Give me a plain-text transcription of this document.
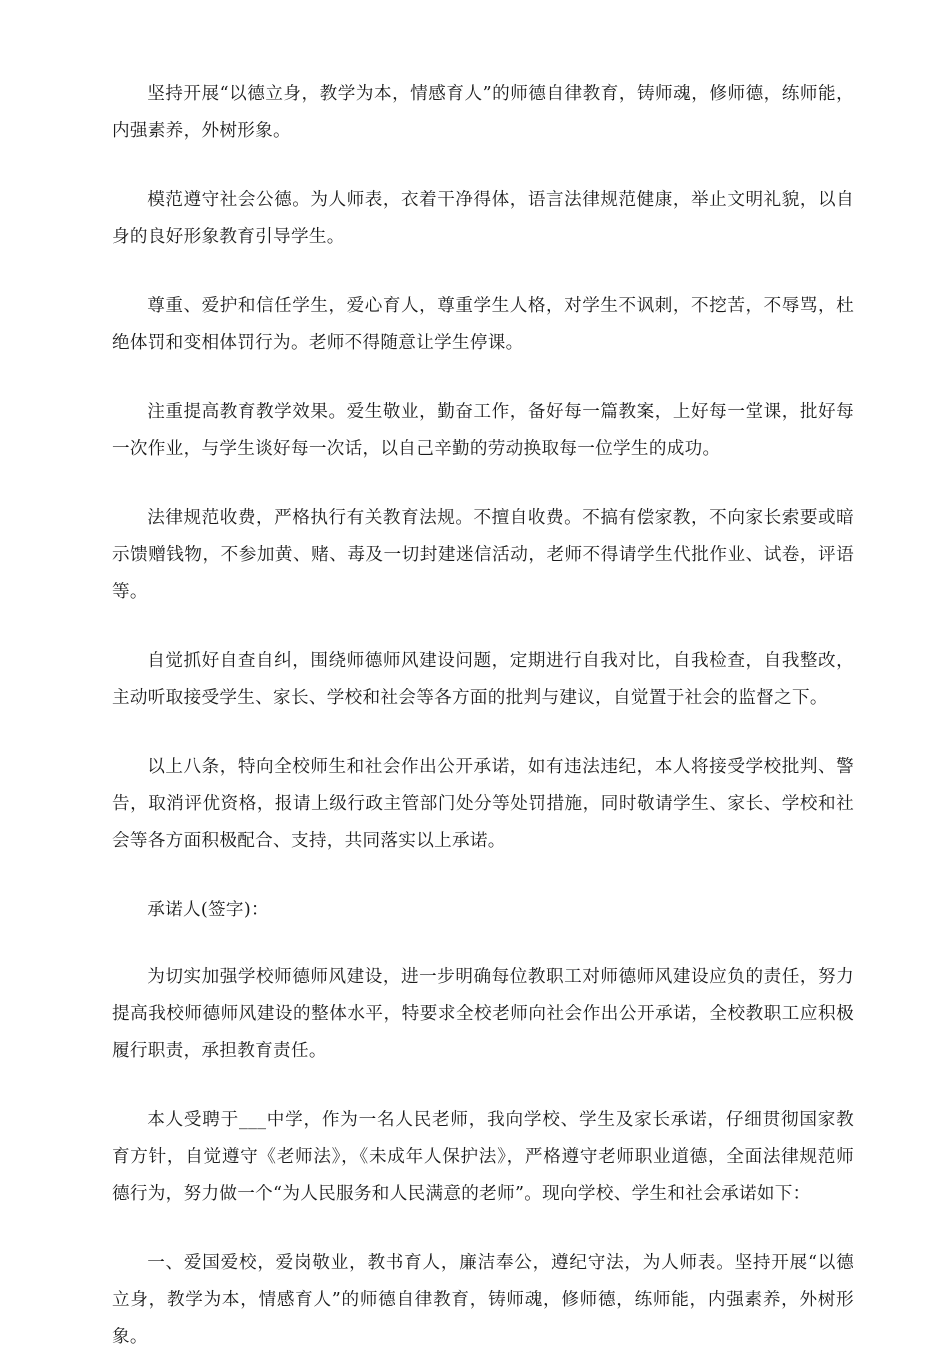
坚持开展“以德立身，教学为本，情感育人”的师德自律教育，铸师魂，修师德，练师能，内强素养，外树形象。

模范遵守社会公德。为人师表，衣着干净得体，语言法律规范健康，举止文明礼貌，以自身的良好形象教育引导学生。

尊重、爱护和信任学生，爱心育人，尊重学生人格，对学生不讽刺，不挖苦，不辱骂，杜绝体罚和变相体罚行为。老师不得随意让学生停课。

注重提高教育教学效果。爱生敬业，勤奋工作，备好每一篇教案，上好每一堂课，批好每一次作业，与学生谈好每一次话，以自己辛勤的劳动换取每一位学生的成功。

法律规范收费，严格执行有关教育法规。不擅自收费。不搞有偿家教，不向家长索要或暗示馈赠钱物，不参加黄、赌、毒及一切封建迷信活动，老师不得请学生代批作业、试卷，评语等。

自觉抓好自查自纠，围绕师德师风建设问题，定期进行自我对比，自我检查，自我整改，主动听取接受学生、家长、学校和社会等各方面的批判与建议，自觉置于社会的监督之下。

以上八条，特向全校师生和社会作出公开承诺，如有违法违纪，本人将接受学校批判、警告，取消评优资格，报请上级行政主管部门处分等处罚措施，同时敬请学生、家长、学校和社会等各方面积极配合、支持，共同落实以上承诺。

承诺人(签字)：

为切实加强学校师德师风建设，进一步明确每位教职工对师德师风建设应负的责任，努力提高我校师德师风建设的整体水平，特要求全校老师向社会作出公开承诺，全校教职工应积极履行职责，承担教育责任。

本人受聘于___中学，作为一名人民老师，我向学校、学生及家长承诺，仔细贯彻国家教育方针，自觉遵守《老师法》，《未成年人保护法》，严格遵守老师职业道德，全面法律规范师德行为，努力做一个“为人民服务和人民满意的老师”。现向学校、学生和社会承诺如下：

一、爱国爱校，爱岗敬业，教书育人，廉洁奉公，遵纪守法，为人师表。坚持开展“以德立身，教学为本，情感育人”的师德自律教育，铸师魂，修师德，练师能，内强素养，外树形象。
